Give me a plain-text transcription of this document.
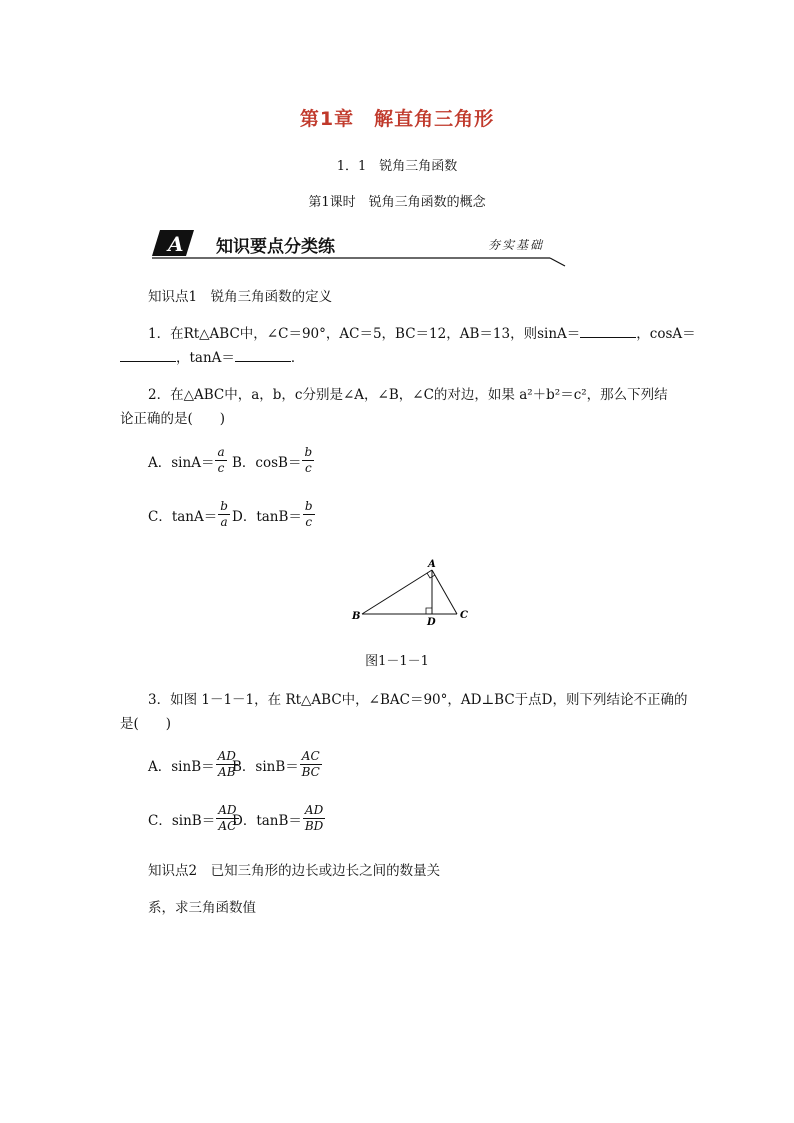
第1章　解直角三角形
1．1　锐角三角函数
第1课时　锐角三角函数的概念
A 知识要点分类练	夯实基础
知识点1　锐角三角函数的定义
1．在Rt△ABC中，∠C＝90°，AC＝5，BC＝12，AB＝13，则sinA＝	，cosA＝
，tanA＝	．
2．在△ABC中，a，b，c分别是∠A，∠B，∠C的对边，如果 a²＋b²＝c²，那么下列结
论正确的是(　　)
A．$\sin A= \frac{a}{c}$ B．$\cos B= \frac{b}{c}$
C．$\tan A= \frac{b}{a}$ D．$\tan B= \frac{b}{c}$
A
B	C
D
图1－1－1
3．如图 1－1－1，在 Rt△ABC中，∠BAC＝90°，AD⊥BC于点D，则下列结论不正确的
是(　　)
A．$\sin B= \frac{AD}{AB}$
B．$\sin B= \frac{AC}{BC}$
C．$\sin B= \frac{AD}{AC}$
D．$\tan B= \frac{AD}{BD}$
知识点2　已知三角形的边长或边长之间的数量关
系，求三角函数值
